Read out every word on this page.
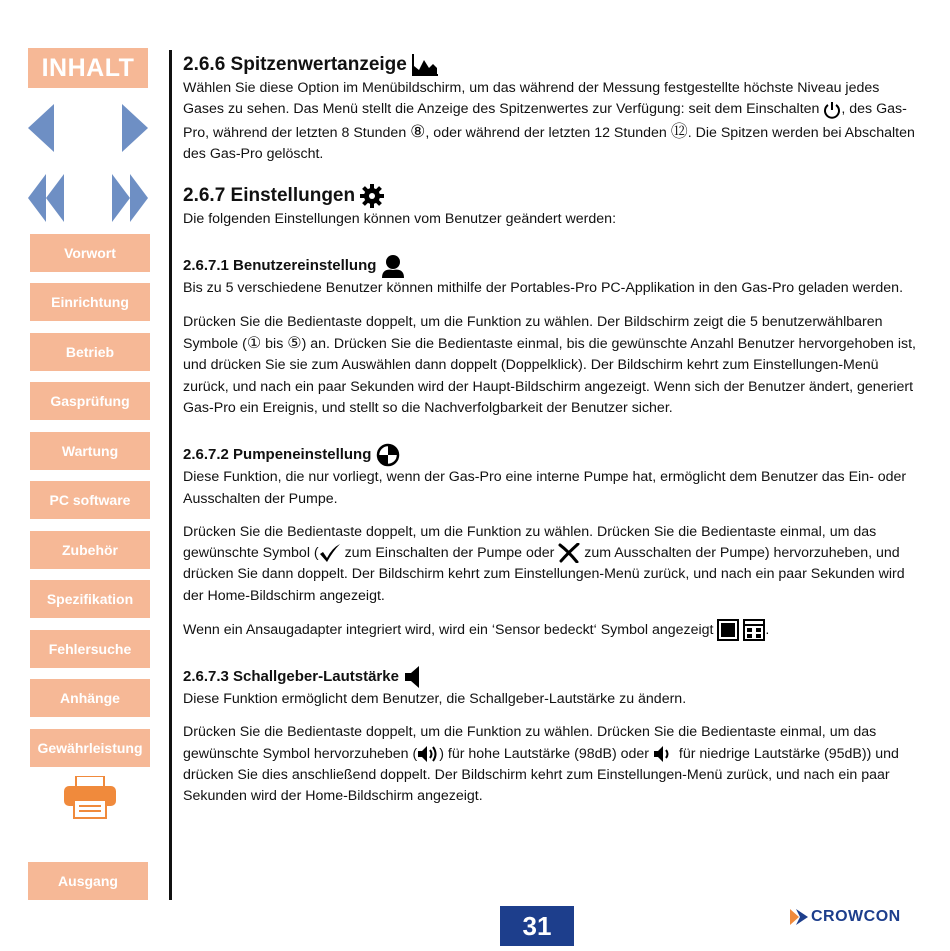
INHALT
Vorwort
Einrichtung
Betrieb
Gasprüfung
Wartung
PC software
Zubehör
Spezifikation
Fehlersuche
Anhänge
Gewährleistung
Ausgang
2.6.6 Spitzenwertanzeige

Wählen Sie diese Option im Menübildschirm, um das während der Messung festgestellte höchste Niveau jedes Gases zu sehen. Das Menü stellt die Anzeige des Spitzenwertes zur Verfügung: seit dem Einschalten , des Gas-Pro, während der letzten 8 Stunden ⑧, oder während der letzten 12 Stunden ⑫. Die Spitzen werden bei Abschalten des Gas-Pro gelöscht.

2.6.7 Einstellungen

Die folgenden Einstellungen können vom Benutzer geändert werden:

2.6.7.1 Benutzereinstellung

Bis zu 5 verschiedene Benutzer können mithilfe der Portables-Pro PC-Applikation in den Gas-Pro geladen werden.

Drücken Sie die Bedientaste doppelt, um die Funktion zu wählen. Der Bildschirm zeigt die 5 benutzerwählbaren Symbole (① bis ⑤) an. Drücken Sie die Bedientaste einmal, bis die gewünschte Anzahl Benutzer hervorgehoben ist, und drücken Sie sie zum Auswählen dann doppelt (Doppelklick). Der Bildschirm kehrt zum Einstellungen-Menü zurück, und nach ein paar Sekunden wird der Haupt-Bildschirm angezeigt. Wenn sich der Benutzer ändert, generiert Gas-Pro ein Ereignis, und stellt so die Nachverfolgbarkeit der Benutzer sicher.

2.6.7.2 Pumpeneinstellung

Diese Funktion, die nur vorliegt, wenn der Gas-Pro eine interne Pumpe hat, ermöglicht dem Benutzer das Ein- oder Ausschalten der Pumpe.

Drücken Sie die Bedientaste doppelt, um die Funktion zu wählen. Drücken Sie die Bedientaste einmal, um das gewünschte Symbol ( zum Einschalten der Pumpe oder  zum Ausschalten der Pumpe) hervorzuheben, und drücken Sie dann doppelt. Der Bildschirm kehrt zum Einstellungen-Menü zurück, und nach ein paar Sekunden wird der Home-Bildschirm angezeigt.

Wenn ein Ansaugadapter integriert wird, wird ein ‘Sensor bedeckt‘ Symbol angezeigt	.

2.6.7.3 Schallgeber-Lautstärke

Diese Funktion ermöglicht dem Benutzer, die Schallgeber-Lautstärke zu ändern.

Drücken Sie die Bedientaste doppelt, um die Funktion zu wählen. Drücken Sie die Bedientaste einmal, um das gewünschte Symbol hervorzuheben ( ) für hohe Lautstärke (98dB) oder  für niedrige Lautstärke (95dB)) und drücken Sie dies anschließend doppelt. Der Bildschirm kehrt zum Einstellungen-Menü zurück, und nach ein paar Sekunden wird der Home-Bildschirm angezeigt.

31	CROWCON
